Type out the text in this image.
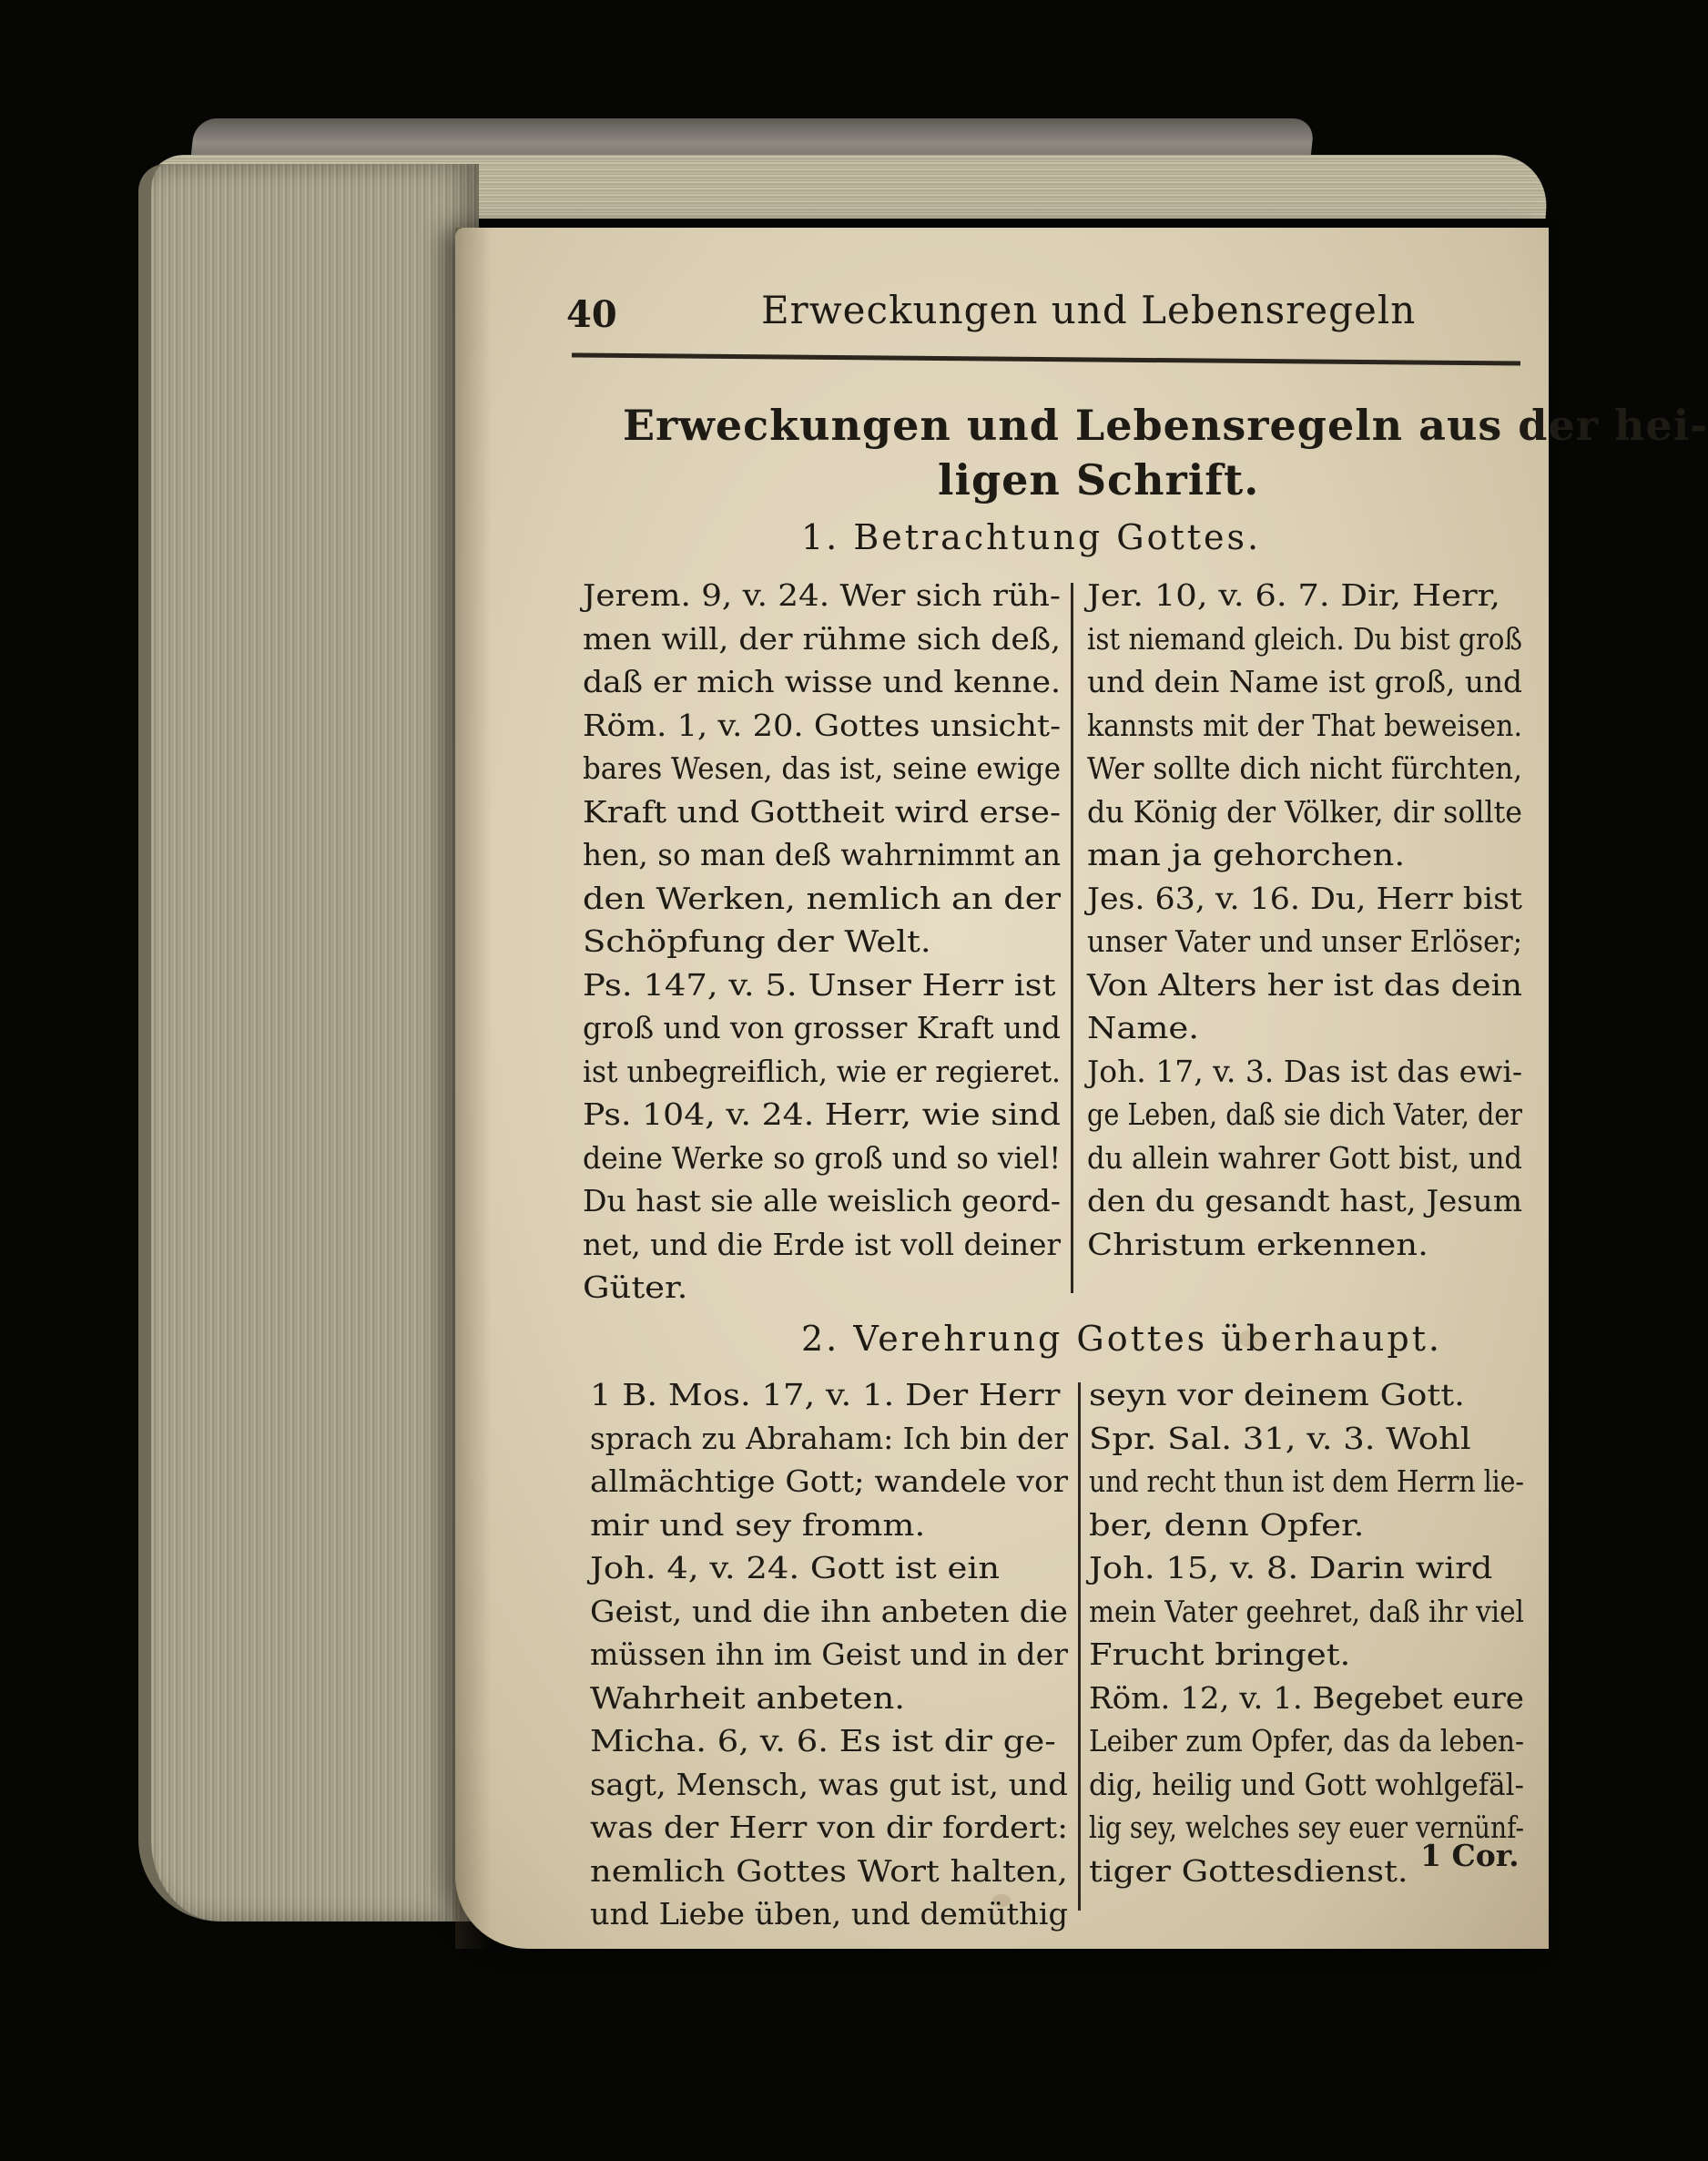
40	Erweckungen und Lebensregeln
Erweckungen und Lebensregeln aus der hei-
ligen Schrift.
1. Betrachtung Gottes.
Jerem. 9, v. 24. Wer sich rüh-
men will, der rühme sich deß,
daß er mich wisse und kenne.
Röm. 1, v. 20. Gottes unsicht-
bares Wesen, das ist, seine ewige
Kraft und Gottheit wird erse-
hen, so man deß wahrnimmt an
den Werken, nemlich an der
Schöpfung der Welt.
Ps. 147, v. 5. Unser Herr ist
groß und von grosser Kraft und
ist unbegreiflich, wie er regieret.
Ps. 104, v. 24. Herr, wie sind
deine Werke so groß und so viel!
Du hast sie alle weislich geord-
net, und die Erde ist voll deiner
Güter.
Jer. 10, v. 6. 7. Dir, Herr,
ist niemand gleich. Du bist groß
und dein Name ist groß, und
kannsts mit der That beweisen.
Wer sollte dich nicht fürchten,
du König der Völker, dir sollte
man ja gehorchen.
Jes. 63, v. 16. Du, Herr bist
unser Vater und unser Erlöser;
Von Alters her ist das dein
Name.
Joh. 17, v. 3. Das ist das ewi-
ge Leben, daß sie dich Vater, der
du allein wahrer Gott bist, und
den du gesandt hast, Jesum
Christum erkennen.
2. Verehrung Gottes überhaupt.
1 B. Mos. 17, v. 1. Der Herr
sprach zu Abraham: Ich bin der
allmächtige Gott; wandele vor
mir und sey fromm.
Joh. 4, v. 24. Gott ist ein
Geist, und die ihn anbeten die
müssen ihn im Geist und in der
Wahrheit anbeten.
Micha. 6, v. 6. Es ist dir ge-
sagt, Mensch, was gut ist, und
was der Herr von dir fordert:
nemlich Gottes Wort halten,
und Liebe üben, und demüthig
seyn vor deinem Gott.
Spr. Sal. 31, v. 3. Wohl
und recht thun ist dem Herrn lie-
ber, denn Opfer.
Joh. 15, v. 8. Darin wird
mein Vater geehret, daß ihr viel
Frucht bringet.
Röm. 12, v. 1. Begebet eure
Leiber zum Opfer, das da leben-
dig, heilig und Gott wohlgefäl-
lig sey, welches sey euer vernünf-
tiger Gottesdienst. 1 Cor.
